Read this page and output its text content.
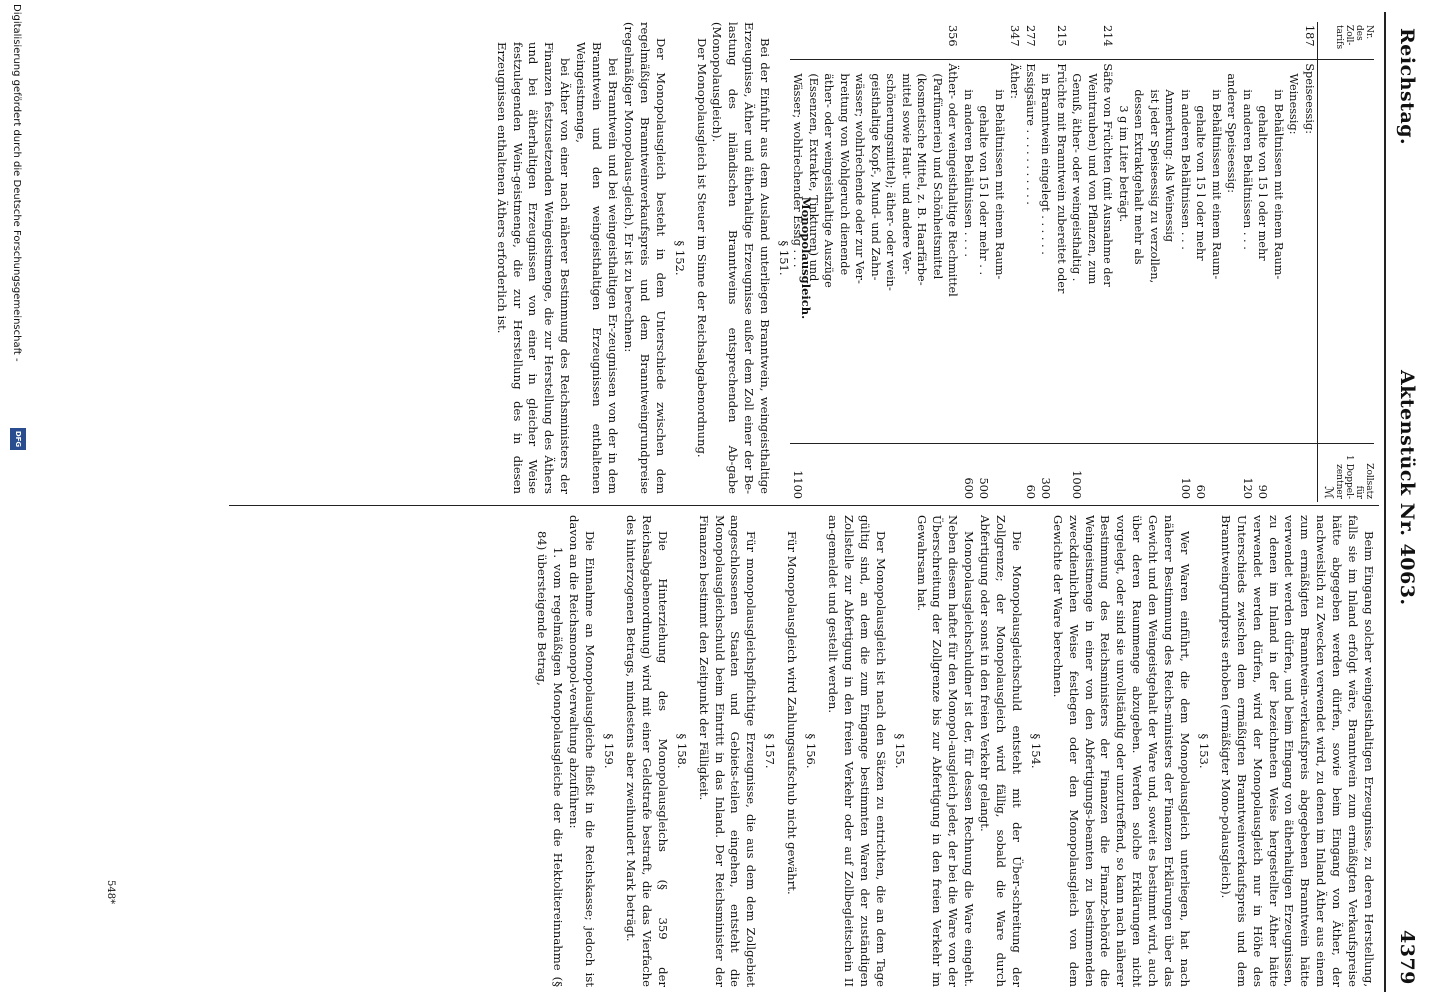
Reichstag.
Aktenstück Nr. 4063.
4379
Nr. des Zoll- tarifs		Zollsatz für
1 Doppel-
zentner
ℳ
187	Speiseessig:	

	Weinessig:	

	in Behältnissen mit einem Raum-	

	gehalte von 15 l oder mehr	90

	in anderen Behältnissen . . .	120

	anderer Speiseessig:	

	in Behältnissen mit einem Raum-	

	gehalte von 15 l oder mehr	60

	in anderen Behältnissen . . .	100

	Anmerkung: Als Weinessig	

	ist jeder Speiseessig zu verzollen,	

	dessen Extraktgehalt mehr als	

	3 g im Liter beträgt.	

214	Säfte von Früchten (mit Ausnahme der	

	Weintrauben) und von Pflanzen, zum	

	Genuß, äther- oder weingeisthaltig .	1000
215	Früchte mit Branntwein zubereitet oder	

	in Branntwein eingelegt . . . . . .	300
277	Essigsäure . . . . . . . . . . .	60
347	Äther:	

	in Behältnissen mit einem Raum-	

	gehalte von 15 l oder mehr . .	500

	in anderen Behältnissen . . . .	600
356	Äther- oder weingeisthaltige Riechmittel	

	(Parfümerien) und Schönheitsmittel	

	(kosmetische Mittel, z. B. Haarfärbe-	

	mittel sowie Haut- und andere Ver-	

	schönerungsmittel); äther- oder wein-	

	geisthaltige Kopf-, Mund- und Zahn-	

	wässer; wohlriechende oder zur Ver-	

	breitung von Wohlgeruch dienende	

	äther- oder weingeisthaltige Auszüge	

	(Essenzen, Extrakte, Tinkturen) und	

	Wässer; wohlriechender Essig . . .	1100
Monopolausgleich.
§ 151.

Bei der Einfuhr aus dem Ausland unterliegen Branntwein, weingeisthaltige Erzeugnisse, Äther und ätherhaltige Erzeugnisse außer dem Zoll einer der Be-lastung des inländischen Branntweins entsprechenden Ab-gabe (Monopolausgleich).

Der Monopolausgleich ist Steuer im Sinne der Reichsabgabenordnung.

§ 152.

Der Monopolausgleich besteht in dem Unterschiede zwischen dem regelmäßigen Branntweinverkaufspreis und dem Branntweingrundpreise (regelmäßiger Monopolaus-gleich). Er ist zu berechnen:

bei Branntwein und bei weingeisthaltigen Er-zeugnissen von der in dem Branntwein und den weingeisthaltigen Erzeugnissen enthaltenen Weingeistmenge,

bei Äther von einer nach näherer Bestimmung des Reichsministers der Finanzen festzusetzenden Weingeistmenge, die zur Herstellung des Äthers und bei ätherhaltigen Erzeugnissen von einer in gleicher Weise festzulegenden Wein-geistmenge, die zur Herstellung des in diesen Erzeugnissen enthaltenen Äthers erforderlich ist.

Beim Eingang solcher weingeisthaltigen Erzeugnisse, zu deren Herstellung, falls sie im Inland erfolgt wäre, Branntwein zum ermäßigten Verkaufspreise hätte abgegeben werden dürfen, sowie beim Eingang von Äther, der nachweislich zu Zwecken verwendet wird, zu denen im Inland Äther aus einem zum ermäßigten Branntwein-verkaufspreis abgegebenen Branntwein hätte verwendet werden dürfen, und beim Eingang von ätherhaltigen Erzeugnissen, zu denen im Inland in der bezeichneten Weise hergestellter Äther hätte verwendet werden dürfen, wird der Monopolausgleich nur in Höhe des Unterschieds zwischen dem ermäßigten Branntweinverkaufspreis und dem Branntweingrundpreis erhoben (ermäßigter Mono-polausgleich).

§ 153.

Wer Waren einführt, die dem Monopolausgleich unterliegen, hat nach näherer Bestimmung des Reichs-ministers der Finanzen Erklärungen über das Gewicht und den Weingeistgehalt der Ware und, soweit es bestimmt wird, auch über deren Raummenge abzugeben. Werden solche Erklärungen nicht vorgelegt, oder sind sie unvollständig oder unzutreffend, so kann nach näherer Bestimmung des Reichsministers der Finanzen die Finanz-behörde die Weingeistmenge in einer von den Abfertigungs-beamten zu bestimmenden zweckdienlichen Weise festlegen oder den Monopolausgleich von dem Gewichte der Ware berechnen.

§ 154.

Die Monopolausgleichschuld entsteht mit der Über-schreitung der Zollgrenze; der Monopolausgleich wird fällig, sobald die Ware durch Abfertigung oder sonst in den freien Verkehr gelangt.

Monopolausgleichschuldner ist der, für dessen Rechnung die Ware eingeht. Neben diesem haftet für den Monopol-ausgleich jeder, der bei die Ware von der Überschreitung der Zollgrenze bis zur Abfertigung in den freien Verkehr im Gewahrsam hat.

§ 155.

Der Monopolausgleich ist nach den Sätzen zu entrichten, die an dem Tage gültig sind, an dem die zum Eingange bestimmten Waren der zuständigen Zollstelle zur Abfertigung in den freien Verkehr oder auf Zollbegleitschein II an-gemeldet und gestellt werden.

§ 156.

Für Monopolausgleich wird Zahlungsaufschub nicht gewährt.

§ 157.

Für monopolausgleichspflichtige Erzeugnisse, die aus dem dem Zollgebiet angeschlossenen Staaten und Gebiets-teilen eingehen, entsteht die Monopolausgleichschuld beim Eintritt in das Inland. Der Reichsminister der Finanzen bestimmt den Zeitpunkt der Fälligkeit.

§ 158.

Die Hinterziehung des Monopolausgleichs (§ 359 der Reichsabgabenordnung) wird mit einer Geldstrafe bestraft, die das Vierfache des hinterzogenen Betrags, mindestens aber zweihundert Mark beträgt.

§ 159.

Die Einnahme an Monopolausgleiche fließt in die Reichskasse; jedoch ist davon an die Reichsmonopol-verwaltung abzuführen:

1. vom regelmäßigen Monopolausgleiche der die Hektolitereinnahme (§ 84) übersteigende Betrag,

548*
Digitalisierung gefördert durch die Deutsche Forschungsgemeinschaft -
DFG
